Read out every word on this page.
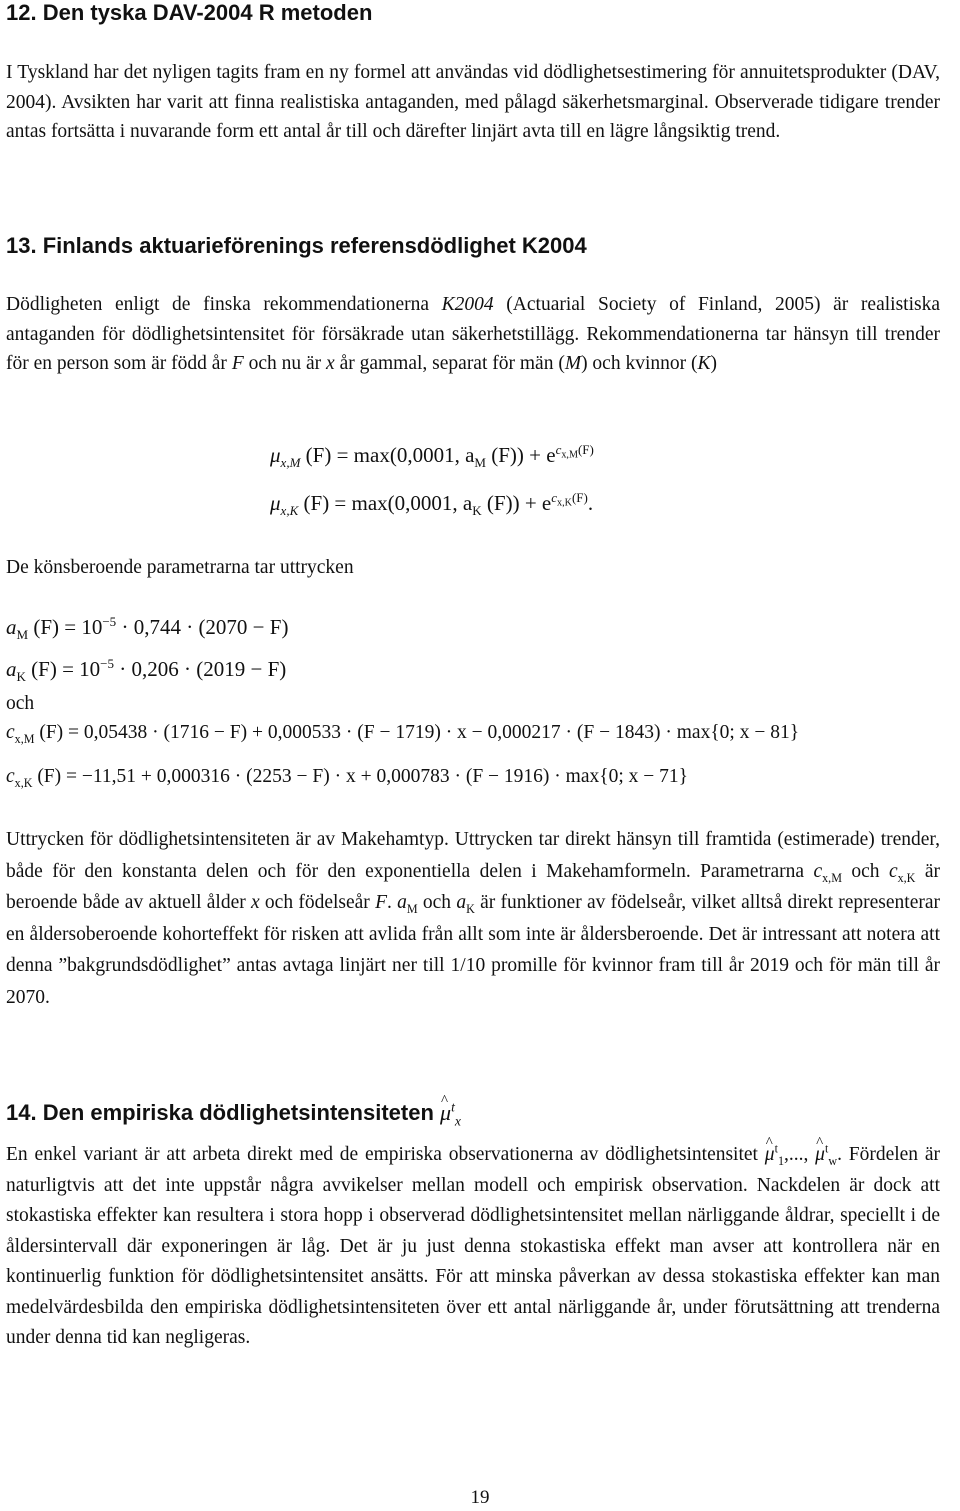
12. Den tyska DAV-2004 R metoden

I Tyskland har det nyligen tagits fram en ny formel att användas vid dödlighetsestimering för annuitetsprodukter (DAV, 2004). Avsikten har varit att finna realistiska antaganden, med pålagd säkerhetsmarginal. Observerade tidigare trender antas fortsätta i nuvarande form ett antal år till och därefter linjärt avta till en lägre långsiktig trend.

13. Finlands aktuarieförenings referensdödlighet K2004

Dödligheten enligt de finska rekommendationerna K2004 (Actuarial Society of Finland, 2005) är realistiska antaganden för dödlighetsintensitet för försäkrade utan säkerhetstillägg. Rekommendationerna tar hänsyn till trender för en person som är född år F och nu är x år gammal, separat för män (M) och kvinnor (K)

$\mu_{x,M}$ (F) = max(0,0001, $a_M$ $(F)) + e^{c_{x,M}(F)}$
$\mu_{x,K}$ (F) = max(0,0001, $a_K$ $(F)) + e^{c_{x,K}(F)}$.

De könsberoende parametrarna tar uttrycken

$a_M$ $(F) = 10^{-5} \cdot 0,744 \cdot (2070 - F)$
$a_K$ $(F) = 10^{-5} \cdot 0,206 \cdot (2019 - F)$

och

$c_{x,M}$ (F) = 0,05438 · (1716 − F) + 0,000533 · (F − 1719) · x − 0,000217 · (F − 1843) · max{0; x − 81}
$c_{x,K}$ (F) = −11,51 + 0,000316 · (2253 − F) · x + 0,000783 · (F − 1916) · max{0; x − 71}

Uttrycken för dödlighetsintensiteten är av Makehamtyp. Uttrycken tar direkt hänsyn till framtida (estimerade) trender, både för den konstanta delen och för den exponentiella delen i Makehamformeln. Parametrarna $c_{x,M}$ och $c_{x,K}$ är beroende både av aktuell ålder x och födelseår F. $a_M$ och $a_K$ är funktioner av födelseår, vilket alltså direkt representerar en åldersoberoende kohorteffekt för risken att avlida från allt som inte är åldersberoende. Det är intressant att notera att denna ”bakgrundsdödlighet” antas avtaga linjärt ner till 1/10 promille för kvinnor fram till år 2019 och för män till år 2070.

14. Den empiriska dödlighetsintensiteten ^ $\mu^t_x$

En enkel variant är att arbeta direkt med de empiriska observationerna av dödlighetsintensitet ^ $\mu^t_1$,..., ^ $\mu^t_w$. Fördelen är naturligtvis att det inte uppstår några avvikelser mellan modell och empirisk observation. Nackdelen är dock att stokastiska effekter kan resultera i stora hopp i observerad dödlighetsintensitet mellan närliggande åldrar, speciellt i de åldersintervall där exponeringen är låg. Det är ju just denna stokastiska effekt man avser att kontrollera när en kontinuerlig funktion för dödlighetsintensitet ansätts. För att minska påverkan av dessa stokastiska effekter kan man medelvärdesbilda den empiriska dödlighetsintensiteten över ett antal närliggande år, under förutsättning att trenderna under denna tid kan negligeras.

19
